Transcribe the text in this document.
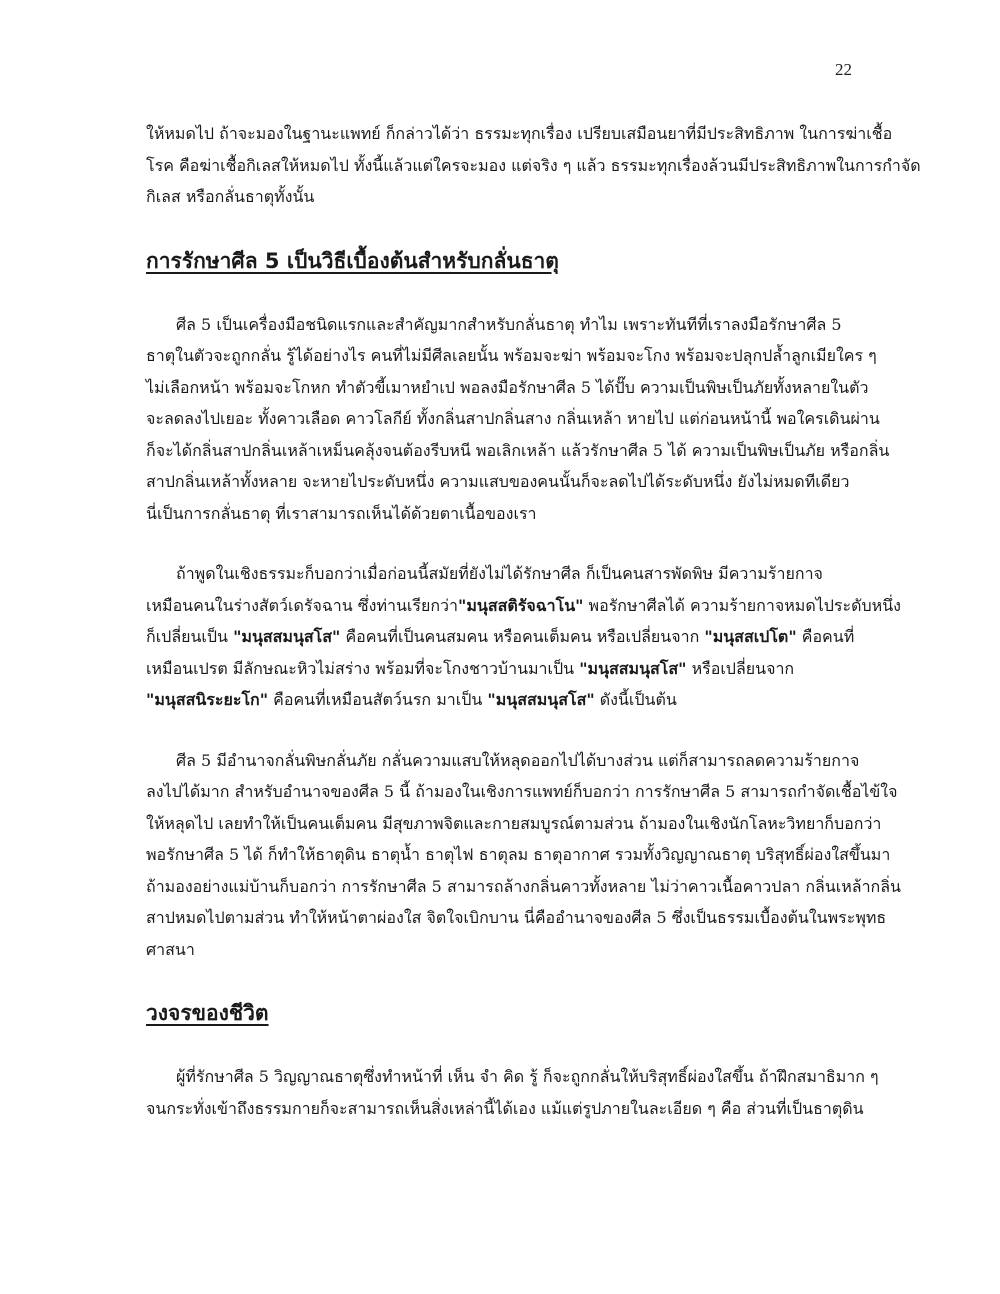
22

ให้หมดไป ถ้าจะมองในฐานะแพทย์ ก็กล่าวได้ว่า ธรรมะทุกเรื่อง เปรียบเสมือนยาที่มีประสิทธิภาพ ในการฆ่าเชื้อ
โรค คือฆ่าเชื้อกิเลสให้หมดไป ทั้งนี้แล้วแต่ใครจะมอง แต่จริง ๆ แล้ว ธรรมะทุกเรื่องล้วนมีประสิทธิภาพในการกำจัด
กิเลส หรือกลั่นธาตุทั้งนั้น

การรักษาศีล 5 เป็นวิธีเบื้องต้นสำหรับกลั่นธาตุ

ศีล 5 เป็นเครื่องมือชนิดแรกและสำคัญมากสำหรับกลั่นธาตุ ทำไม เพราะทันทีที่เราลงมือรักษาศีล 5
ธาตุในตัวจะถูกกลั่น รู้ได้อย่างไร คนที่ไม่มีศีลเลยนั้น พร้อมจะฆ่า พร้อมจะโกง พร้อมจะปลุกปล้ำลูกเมียใคร ๆ
ไม่เลือกหน้า พร้อมจะโกหก ทำตัวขี้เมาหยำเป พอลงมือรักษาศีล 5 ได้ปั๊บ ความเป็นพิษเป็นภัยทั้งหลายในตัว
จะลดลงไปเยอะ ทั้งคาวเลือด คาวโลกีย์ ทั้งกลิ่นสาปกลิ่นสาง กลิ่นเหล้า หายไป แต่ก่อนหน้านี้ พอใครเดินผ่าน
ก็จะได้กลิ่นสาปกลิ่นเหล้าเหม็นคลุ้งจนต้องรีบหนี พอเลิกเหล้า แล้วรักษาศีล 5 ได้ ความเป็นพิษเป็นภัย หรือกลิ่น
สาปกลิ่นเหล้าทั้งหลาย จะหายไประดับหนึ่ง ความแสบของคนนั้นก็จะลดไปได้ระดับหนึ่ง ยังไม่หมดทีเดียว
นี่เป็นการกลั่นธาตุ ที่เราสามารถเห็นได้ด้วยตาเนื้อของเรา

ถ้าพูดในเชิงธรรมะก็บอกว่าเมื่อก่อนนี้สมัยที่ยังไม่ได้รักษาศีล ก็เป็นคนสารพัดพิษ มีความร้ายกาจ
เหมือนคนในร่างสัตว์เดรัจฉาน ซึ่งท่านเรียกว่า"มนุสสติรัจฉาโน" พอรักษาศีลได้ ความร้ายกาจหมดไประดับหนึ่ง
ก็เปลี่ยนเป็น "มนุสสมนุสโส" คือคนที่เป็นคนสมคน หรือคนเต็มคน หรือเปลี่ยนจาก "มนุสสเปโต" คือคนที่
เหมือนเปรต มีลักษณะหิวไม่สร่าง พร้อมที่จะโกงชาวบ้านมาเป็น "มนุสสมนุสโส" หรือเปลี่ยนจาก
"มนุสสนิระยะโก" คือคนที่เหมือนสัตว์นรก มาเป็น "มนุสสมนุสโส" ดังนี้เป็นต้น

ศีล 5 มีอำนาจกลั่นพิษกลั่นภัย กลั่นความแสบให้หลุดออกไปได้บางส่วน แต่ก็สามารถลดความร้ายกาจ
ลงไปได้มาก สำหรับอำนาจของศีล 5 นี้ ถ้ามองในเชิงการแพทย์ก็บอกว่า การรักษาศีล 5 สามารถกำจัดเชื้อไข้ใจ
ให้หลุดไป เลยทำให้เป็นคนเต็มคน มีสุขภาพจิตและกายสมบูรณ์ตามส่วน ถ้ามองในเชิงนักโลหะวิทยาก็บอกว่า
พอรักษาศีล 5 ได้ ก็ทำให้ธาตุดิน ธาตุน้ำ ธาตุไฟ ธาตุลม ธาตุอากาศ รวมทั้งวิญญาณธาตุ บริสุทธิ์ผ่องใสขึ้นมา
ถ้ามองอย่างแม่บ้านก็บอกว่า การรักษาศีล 5 สามารถล้างกลิ่นคาวทั้งหลาย ไม่ว่าคาวเนื้อคาวปลา กลิ่นเหล้ากลิ่น
สาปหมดไปตามส่วน ทำให้หน้าตาผ่องใส จิตใจเบิกบาน นี่คืออำนาจของศีล 5 ซึ่งเป็นธรรมเบื้องต้นในพระพุทธ
ศาสนา

วงจรของชีวิต

ผู้ที่รักษาศีล 5 วิญญาณธาตุซึ่งทำหน้าที่ เห็น จำ คิด รู้ ก็จะถูกกลั่นให้บริสุทธิ์ผ่องใสขึ้น ถ้าฝึกสมาธิมาก ๆ
จนกระทั่งเข้าถึงธรรมกายก็จะสามารถเห็นสิ่งเหล่านี้ได้เอง แม้แต่รูปภายในละเอียด ๆ คือ ส่วนที่เป็นธาตุดิน
